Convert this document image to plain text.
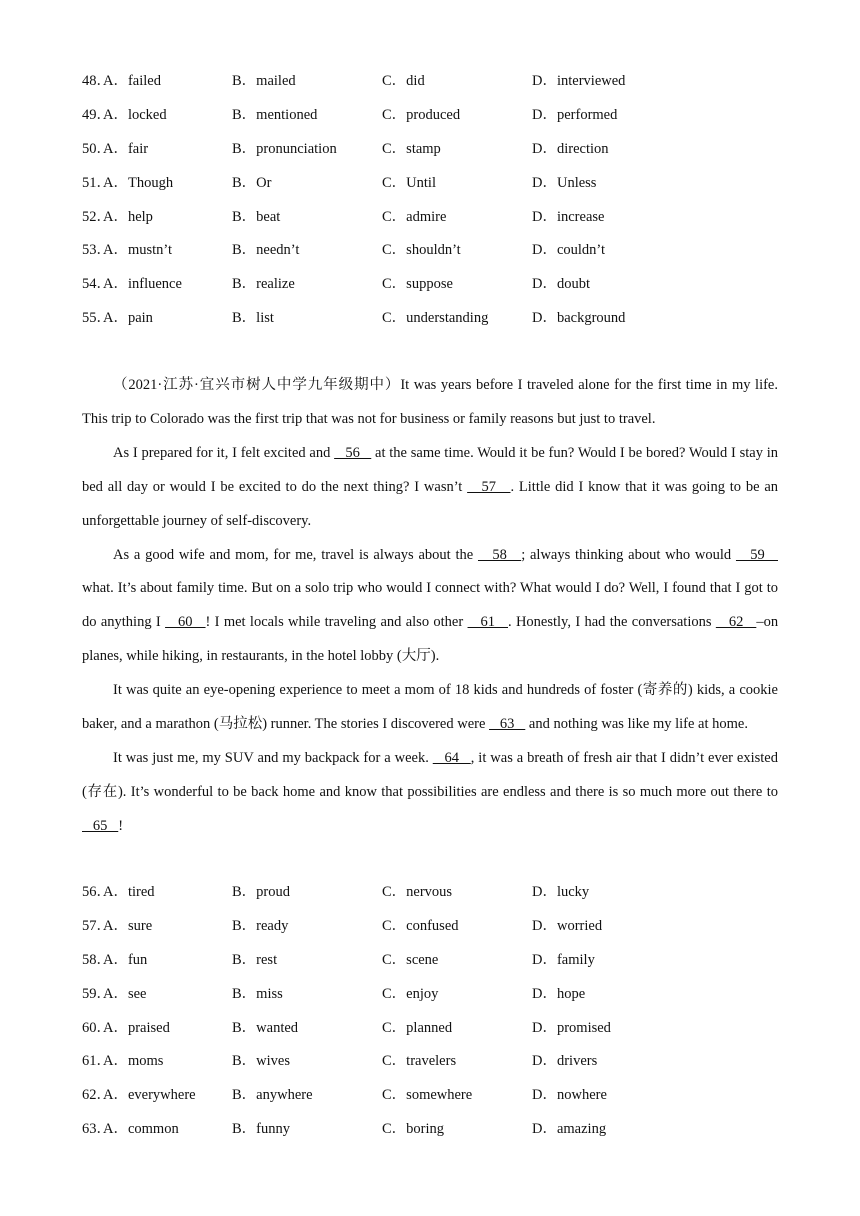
48．
A．failed	B．mailed	C．did	D．interviewed
49．
A．locked	B．mentioned	C．produced	D．performed
50．
A．fair	B．pronunciation	C．stamp	D．direction
51．
A．Though	B．Or	C．Until	D．Unless
52．
A．help	B．beat	C．admire	D．increase
53．
A．mustn’t	B．needn’t	C．shouldn’t	D．couldn’t
54．
A．influence	B．realize	C．suppose	D．doubt
55．
A．pain	B．list	C．understanding	D．background

（2021·江苏·宜兴市树人中学九年级期中）It was years before I traveled alone for the first time in my life. This trip to Colorado was the first trip that was not for business or family reasons but just to travel.

As I prepared for it, I felt excited and    56    at the same time. Would it be fun? Would I be bored? Would I stay in bed all day or would I be excited to do the next thing? I wasn’t    57   . Little did I know that it was going to be an unforgettable journey of self-discovery.

As a good wife and mom, for me, travel is always about the    58   ; always thinking about who would    59    what. It’s about family time. But on a solo trip who would I connect with? What would I do? Well, I found that I got to do anything I    60   ! I met locals while traveling and also other    61   . Honestly, I had the conversations    62   –on planes, while hiking, in restaurants, in the hotel lobby (大厅).

It was quite an eye-opening experience to meet a mom of 18 kids and hundreds of foster (寄养的) kids, a cookie baker, and a marathon (马拉松) runner. The stories I discovered were    63    and nothing was like my life at home.

It was just me, my SUV and my backpack for a week.    64   , it was a breath of fresh air that I didn’t ever existed (存在). It’s wonderful to be back home and know that possibilities are endless and there is so much more out there to    65   !

56．
A．tired	B．proud	C．nervous	D．lucky
57．
A．sure	B．ready	C．confused	D．worried
58．
A．fun	B．rest	C．scene	D．family
59．
A．see	B．miss	C．enjoy	D．hope
60．
A．praised	B．wanted	C．planned	D．promised
61．
A．moms	B．wives	C．travelers	D．drivers
62．
A．everywhere	B．anywhere	C．somewhere	D．nowhere
63．
A．common	B．funny	C．boring	D．amazing
